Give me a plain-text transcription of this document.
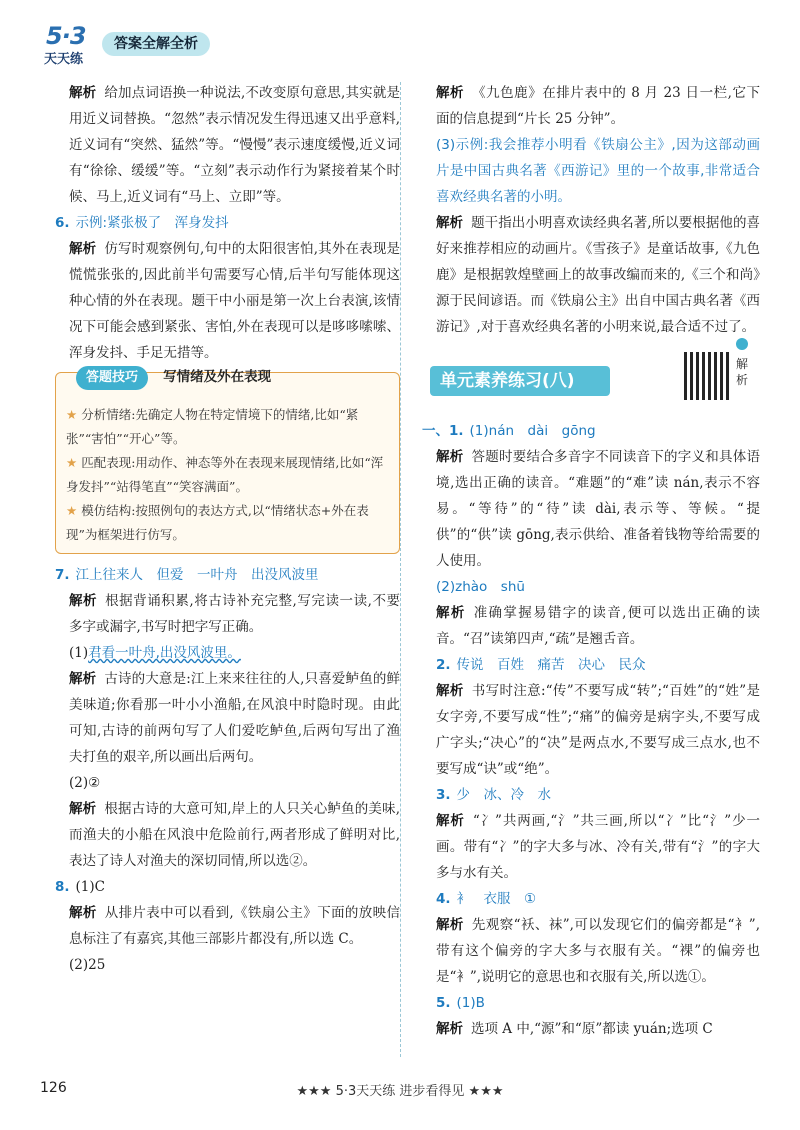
5·3
天天练
答案全解全析

解析 给加点词语换一种说法,不改变原句意思,其实就是用近义词替换。“忽然”表示情况发生得迅速又出乎意料,近义词有“突然、猛然”等。“慢慢”表示速度缓慢,近义词有“徐徐、缓缓”等。“立刻”表示动作行为紧接着某个时候、马上,近义词有“马上、立即”等。

6. 示例:紧张极了　浑身发抖

解析 仿写时观察例句,句中的太阳很害怕,其外在表现是慌慌张张的,因此前半句需要写心情,后半句写能体现这种心情的外在表现。题干中小丽是第一次上台表演,该情况下可能会感到紧张、害怕,外在表现可以是哆哆嗦嗦、浑身发抖、手足无措等。

答题技巧 写情绪及外在表现

★ 分析情绪:先确定人物在特定情境下的情绪,比如“紧张”“害怕”“开心”等。

★ 匹配表现:用动作、神态等外在表现来展现情绪,比如“浑身发抖”“站得笔直”“笑容满面”。

★ 模仿结构:按照例句的表达方式,以“情绪状态+外在表现”为框架进行仿写。

7. 江上往来人　但爱　一叶舟　出没风波里

解析 根据背诵积累,将古诗补充完整,写完读一读,不要多字或漏字,书写时把字写正确。

(1)君看一叶舟,出没风波里。

解析 古诗的大意是:江上来来往往的人,只喜爱鲈鱼的鲜美味道;你看那一叶小小渔船,在风浪中时隐时现。由此可知,古诗的前两句写了人们爱吃鲈鱼,后两句写出了渔夫打鱼的艰辛,所以画出后两句。

(2)②

解析 根据古诗的大意可知,岸上的人只关心鲈鱼的美味,而渔夫的小船在风浪中危险前行,两者形成了鲜明对比,表达了诗人对渔夫的深切同情,所以选②。

8. (1)C

解析 从排片表中可以看到,《铁扇公主》下面的放映信息标注了有嘉宾,其他三部影片都没有,所以选 C。

(2)25

解析 《九色鹿》在排片表中的 8 月 23 日一栏,它下面的信息提到“片长 25 分钟”。

(3)示例:我会推荐小明看《铁扇公主》,因为这部动画片是中国古典名著《西游记》里的一个故事,非常适合喜欢经典名著的小明。

解析 题干指出小明喜欢读经典名著,所以要根据他的喜好来推荐相应的动画片。《雪孩子》是童话故事,《九色鹿》是根据敦煌壁画上的故事改编而来的,《三个和尚》源于民间谚语。而《铁扇公主》出自中国古典名著《西游记》,对于喜欢经典名著的小明来说,最合适不过了。

单元素养练习(八)
解析

一、1. (1)nán　dài　gōng

解析 答题时要结合多音字不同读音下的字义和具体语境,选出正确的读音。“难题”的“难”读 nán,表示不容易。“等待”的“待”读 dài,表示等、等候。“提供”的“供”读 gōng,表示供给、准备着钱物等给需要的人使用。

(2)zhào　shū

解析 准确掌握易错字的读音,便可以选出正确的读音。“召”读第四声,“疏”是翘舌音。

2. 传说　百姓　痛苦　决心　民众

解析 书写时注意:“传”不要写成“转”;“百姓”的“姓”是女字旁,不要写成“性”;“痛”的偏旁是病字头,不要写成广字头;“决心”的“决”是两点水,不要写成三点水,也不要写成“诀”或“绝”。

3. 少　冰、冷　水

解析 “冫”共两画,“氵”共三画,所以“冫”比“氵”少一画。带有“冫”的字大多与冰、冷有关,带有“氵”的字大多与水有关。

4. 衤　衣服　①

解析 先观察“袄、袜”,可以发现它们的偏旁都是“衤”,带有这个偏旁的字大多与衣服有关。“裸”的偏旁也是“衤”,说明它的意思也和衣服有关,所以选①。

5. (1)B

解析 选项 A 中,“源”和“原”都读 yuán;选项 C

126	★★★ 5·3天天练 进步看得见 ★★★
